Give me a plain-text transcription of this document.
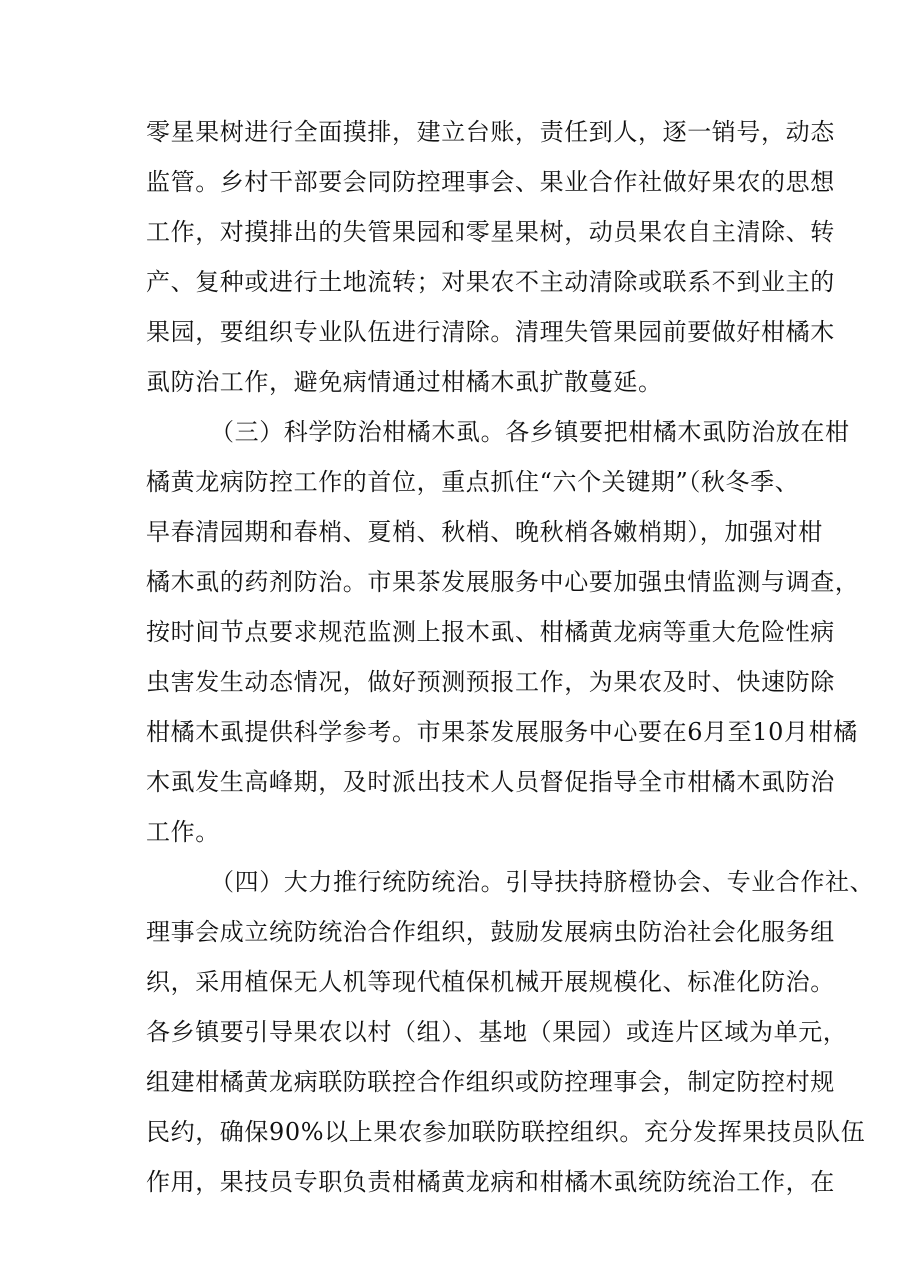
零星果树进行全面摸排，建立台账，责任到人，逐一销号，动态
监管。乡村干部要会同防控理事会、果业合作社做好果农的思想
工作，对摸排出的失管果园和零星果树，动员果农自主清除、转
产、复种或进行土地流转；对果农不主动清除或联系不到业主的
果园，要组织专业队伍进行清除。清理失管果园前要做好柑橘木
虱防治工作，避免病情通过柑橘木虱扩散蔓延。
（三）科学防治柑橘木虱。各乡镇要把柑橘木虱防治放在柑
橘黄龙病防控工作的首位，重点抓住“六个关键期”（秋冬季、
早春清园期和春梢、夏梢、秋梢、晚秋梢各嫩梢期），加强对柑
橘木虱的药剂防治。市果茶发展服务中心要加强虫情监测与调查，
按时间节点要求规范监测上报木虱、柑橘黄龙病等重大危险性病
虫害发生动态情况，做好预测预报工作，为果农及时、快速防除
柑橘木虱提供科学参考。市果茶发展服务中心要在6月至10月柑橘
木虱发生高峰期，及时派出技术人员督促指导全市柑橘木虱防治
工作。
（四）大力推行统防统治。引导扶持脐橙协会、专业合作社、
理事会成立统防统治合作组织，鼓励发展病虫防治社会化服务组
织，采用植保无人机等现代植保机械开展规模化、标准化防治。
各乡镇要引导果农以村（组）、基地（果园）或连片区域为单元，
组建柑橘黄龙病联防联控合作组织或防控理事会，制定防控村规
民约，确保90%以上果农参加联防联控组织。充分发挥果技员队伍
作用，果技员专职负责柑橘黄龙病和柑橘木虱统防统治工作，在
